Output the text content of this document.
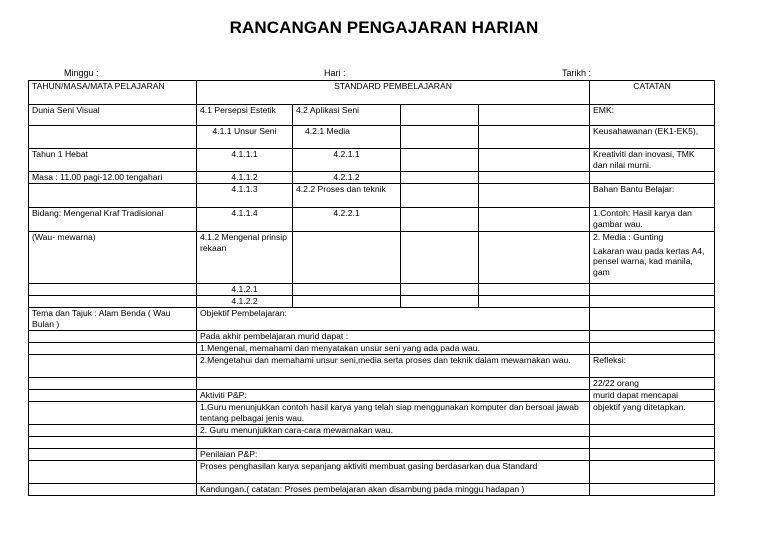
RANCANGAN PENGAJARAN HARIAN
Minggu :	Hari :	Tarikh :
TAHUN/MASA/MATA PELAJARAN	STANDARD PEMBELAJARAN				CATATAN
Dunia Seni Visual	4.1 Persepsi Estetik	4.2 Aplikasi Seni			EMK:
	4.1.1 Unsur Seni	4.2.1 Media			Keusahawanan (EK1-EK5),
Tahun 1 Hebat	4.1.1.1	4.2.1.1			Kreativiti dan inovasi, TMK dan nilai murni.
Masa : 11.00 pagi-12.00 tengahari	4.1.1.2	4.2.1.2			
	4.1.1.3	4.2.2 Proses dan teknik			Bahan Bantu Belajar:
Bidang: Mengenal Kraf Tradisional	4.1.1.4	4.2.2.1			1.Contoh: Hasil karya dan gambar wau.
(Wau- mewarna)	4.1.2 Mengenal prinsip rekaan				2. Media : Gunting
Lakaran wau pada kertas A4, pensel warna, kad manila, gam

	4.1.2.1				
	4.1.2.2				
Tema dan Tajuk : Alam Benda ( Wau Bulan )	Objektif Pembelajaran:				
	Pada akhir pembelajaran murid dapat :				
	1.Mengenal, memahami dan menyatakan unsur seni yang ada pada wau.				
	2.Mengetahui dan memahami unsur seni,media serta proses dan teknik dalam mewarnakan wau.				Refleksi:
					22/22 orang
	Aktiviti P&P:				murid dapat mencapai
	1.Guru menunjukkan contoh hasil karya yang telah siap menggunakan komputer dan bersoal jawab tentang pelbagai jenis wau.				objektif yang ditetapkan.
	2. Guru menunjukkan cara-cara mewarnakan wau.				

	Penilaian P&P:				
	Proses penghasilan karya sepanjang aktiviti membuat gasing berdasarkan dua Standard				
	Kandungan.( catatan: Proses pembelajaran akan disambung pada minggu hadapan )				
